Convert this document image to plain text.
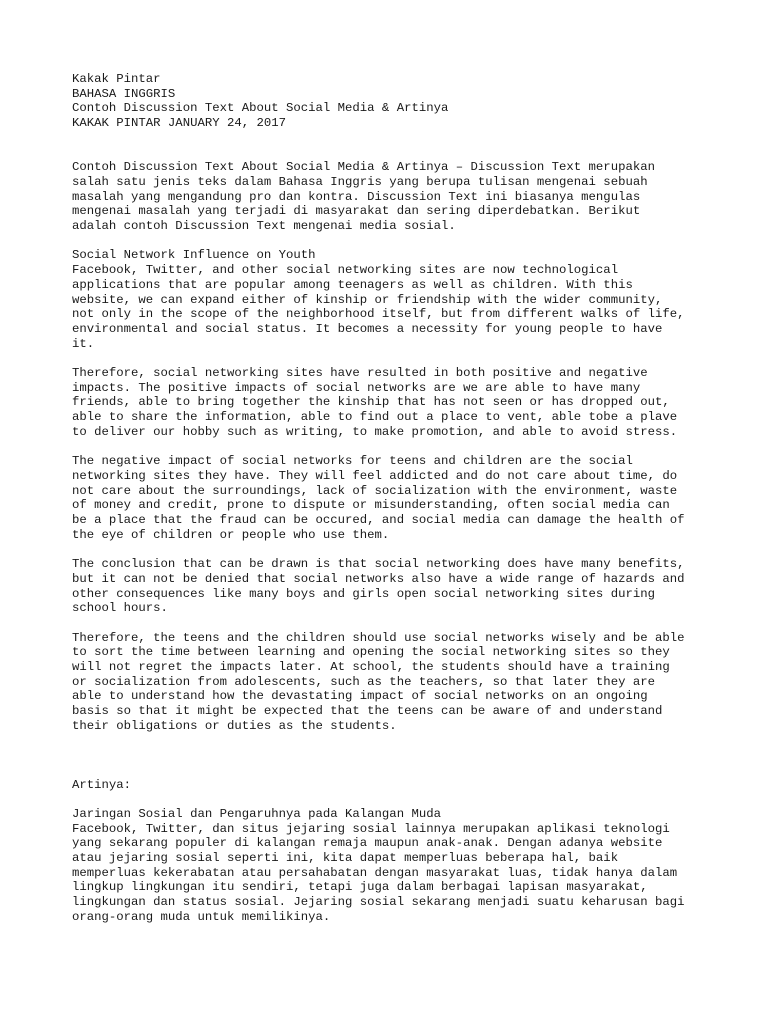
Kakak Pintar

BAHASA INGGRIS

Contoh Discussion Text About Social Media & Artinya

KAKAK PINTAR JANUARY 24, 2017

Contoh Discussion Text About Social Media & Artinya – Discussion Text merupakan

salah satu jenis teks dalam Bahasa Inggris yang berupa tulisan mengenai sebuah

masalah yang mengandung pro dan kontra. Discussion Text ini biasanya mengulas

mengenai masalah yang terjadi di masyarakat dan sering diperdebatkan. Berikut

adalah contoh Discussion Text mengenai media sosial.

Social Network Influence on Youth

Facebook, Twitter, and other social networking sites are now technological

applications that are popular among teenagers as well as children. With this

website, we can expand either of kinship or friendship with the wider community,

not only in the scope of the neighborhood itself, but from different walks of life,

environmental and social status. It becomes a necessity for young people to have

it.

Therefore, social networking sites have resulted in both positive and negative

impacts. The positive impacts of social networks are we are able to have many

friends, able to bring together the kinship that has not seen or has dropped out,

able to share the information, able to find out a place to vent, able tobe a plave

to deliver our hobby such as writing, to make promotion, and able to avoid stress.

The negative impact of social networks for teens and children are the social

networking sites they have. They will feel addicted and do not care about time, do

not care about the surroundings, lack of socialization with the environment, waste

of money and credit, prone to dispute or misunderstanding, often social media can

be a place that the fraud can be occured, and social media can damage the health of

the eye of children or people who use them.

The conclusion that can be drawn is that social networking does have many benefits,

but it can not be denied that social networks also have a wide range of hazards and

other consequences like many boys and girls open social networking sites during

school hours.

Therefore, the teens and the children should use social networks wisely and be able

to sort the time between learning and opening the social networking sites so they

will not regret the impacts later. At school, the students should have a training

or socialization from adolescents, such as the teachers, so that later they are

able to understand how the devastating impact of social networks on an ongoing

basis so that it might be expected that the teens can be aware of and understand

their obligations or duties as the students.

Artinya:

Jaringan Sosial dan Pengaruhnya pada Kalangan Muda

Facebook, Twitter, dan situs jejaring sosial lainnya merupakan aplikasi teknologi

yang sekarang populer di kalangan remaja maupun anak-anak. Dengan adanya website

atau jejaring sosial seperti ini, kita dapat memperluas beberapa hal, baik

memperluas kekerabatan atau persahabatan dengan masyarakat luas, tidak hanya dalam

lingkup lingkungan itu sendiri, tetapi juga dalam berbagai lapisan masyarakat,

lingkungan dan status sosial. Jejaring sosial sekarang menjadi suatu keharusan bagi

orang-orang muda untuk memilikinya.
